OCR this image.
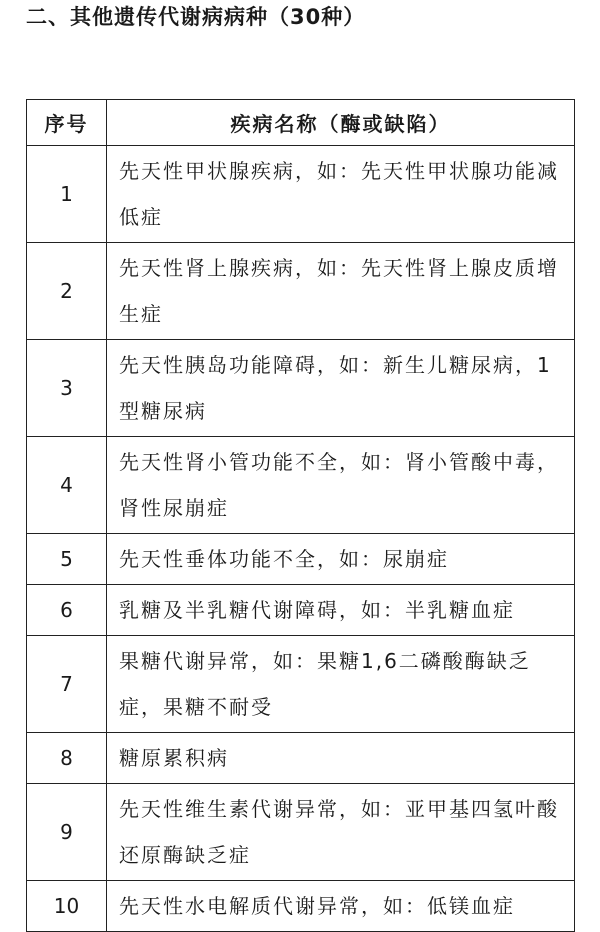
二、其他遗传代谢病病种（30种）
序号	疾病名称（酶或缺陷）
1	先天性甲状腺疾病，如：先天性甲状腺功能减低症
2	先天性肾上腺疾病，如：先天性肾上腺皮质增生症
3	先天性胰岛功能障碍，如：新生儿糖尿病，1型糖尿病
4	先天性肾小管功能不全，如：肾小管酸中毒，肾性尿崩症
5	先天性垂体功能不全，如：尿崩症
6	乳糖及半乳糖代谢障碍，如：半乳糖血症
7	果糖代谢异常，如：果糖1,6二磷酸酶缺乏症，果糖不耐受
8	糖原累积病
9	先天性维生素代谢异常，如：亚甲基四氢叶酸还原酶缺乏症
10	先天性水电解质代谢异常，如：低镁血症
